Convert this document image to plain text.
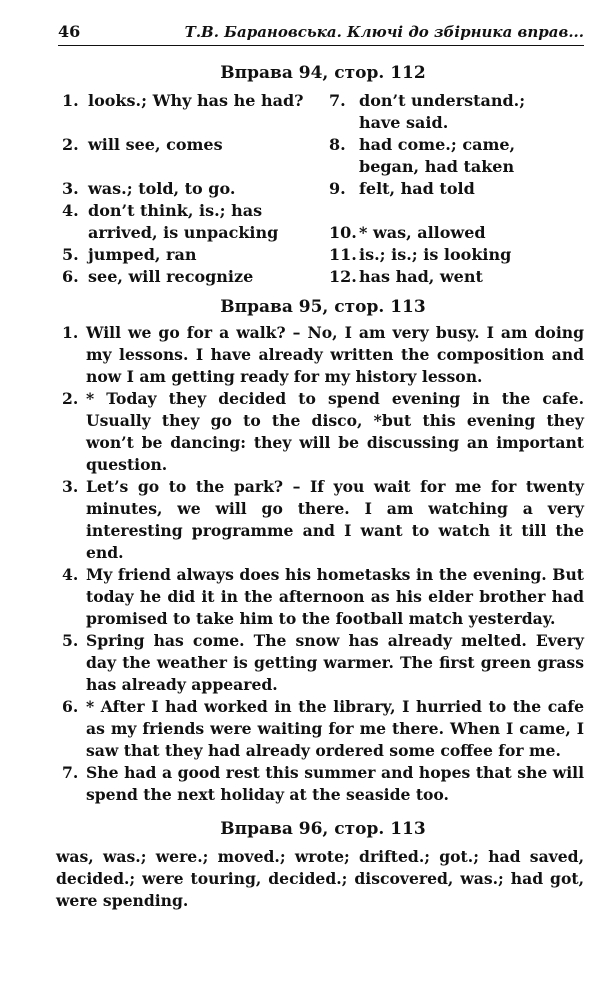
46	Т.В. Барановська. Ключі до збірника вправ...
Вправа 94, стор. 112
1. looks.; Why has he had?
2. will see, comes
3. was.; told, to go.
4. don’t think, is.; has
arrived, is unpacking
5. jumped, ran
6. see, will recognize
7. don’t understand.;
have said.
8. had come.; came,
began, had taken
9. felt, had told
10. * was, allowed
11. is.; is.; is looking
12. has had, went
Вправа 95, стор. 113
1. Will we go for a walk? – No, I am very busy. I am doing my lessons. I have already written the composition and now I am getting ready for my history lesson.
2. * Today they decided to spend evening in the cafe. Usually they go to the disco, *but this evening they won’t be dancing: they will be discussing an important question.
3. Let’s go to the park? – If you wait for me for twenty minutes, we will go there. I am watching a very interesting programme and I want to watch it till the end.
4. My friend always does his hometasks in the evening. But today he did it in the afternoon as his elder brother had promised to take him to the football match yesterday.
5. Spring has come. The snow has already melted. Every day the weather is getting warmer. The first green grass has already appeared.
6. * After I had worked in the library, I hurried to the cafe as my friends were waiting for me there. When I came, I saw that they had already ordered some coffee for me.
7. She had a good rest this summer and hopes that she will spend the next holiday at the seaside too.
Вправа 96, стор. 113

was, was.; were.; moved.; wrote; drifted.; got.; had saved, decided.; were touring, decided.; discovered, was.; had got, were spending.
